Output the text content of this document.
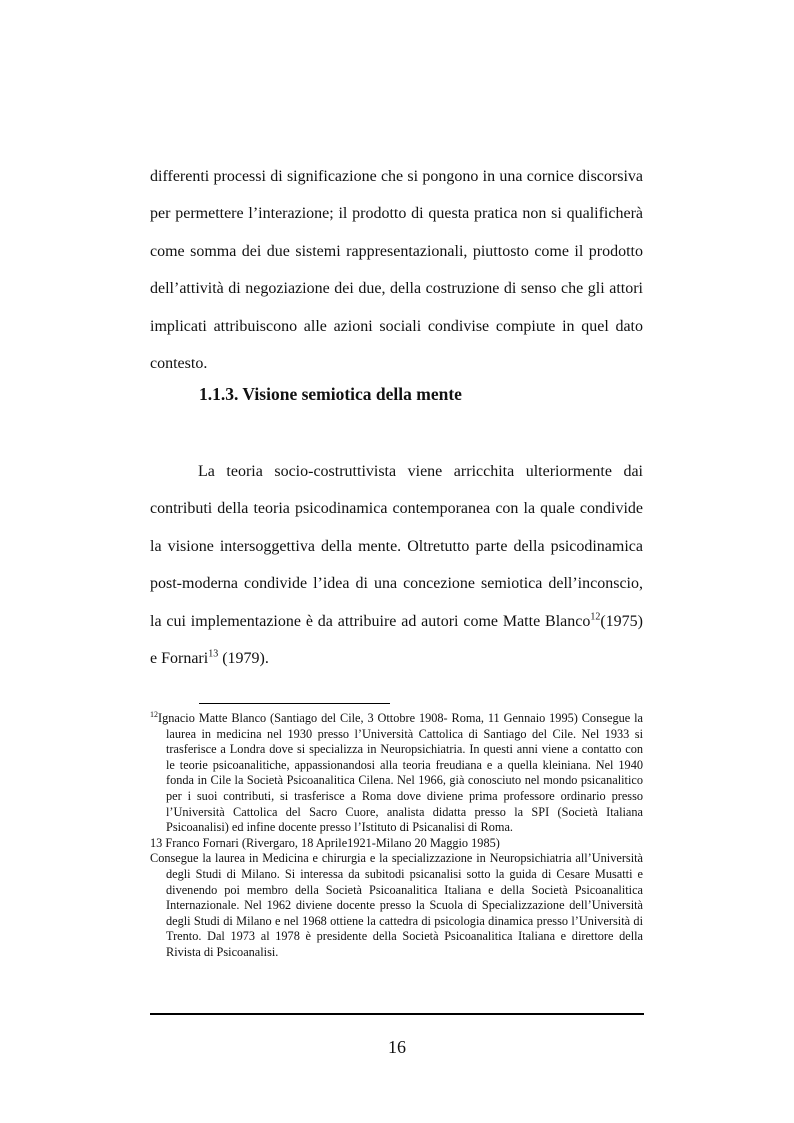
differenti processi di significazione che si pongono in una cornice discorsiva per permettere l’interazione; il prodotto di questa pratica non si qualificherà come somma dei due sistemi rappresentazionali, piuttosto come il prodotto dell’attività di negoziazione dei due, della costruzione di senso che gli attori implicati attribuiscono alle azioni sociali condivise compiute in quel dato contesto.

1.1.3. Visione semiotica della mente

La teoria socio-costruttivista viene arricchita ulteriormente dai contributi della teoria psicodinamica contemporanea con la quale condivide la visione intersoggettiva della mente. Oltretutto parte della psicodinamica post-moderna condivide l’idea di una concezione semiotica dell’inconscio, la cui implementazione è da attribuire ad autori come Matte Blanco$^{12}$(1975) e Fornari$^{13}$ (1979).

$^{12}$Ignacio Matte Blanco (Santiago del Cile, 3 Ottobre 1908- Roma, 11 Gennaio 1995) Consegue la laurea in medicina nel 1930 presso l’Università Cattolica di Santiago del Cile. Nel 1933 si trasferisce a Londra dove si specializza in Neuropsichiatria. In questi anni viene a contatto con le teorie psicoanalitiche, appassionandosi alla teoria freudiana e a quella kleiniana. Nel 1940 fonda in Cile la Società Psicoanalitica Cilena. Nel 1966, già conosciuto nel mondo psicanalitico per i suoi contributi, si trasferisce a Roma dove diviene prima professore ordinario presso l’Università Cattolica del Sacro Cuore, analista didatta presso la SPI (Società Italiana Psicoanalisi) ed infine docente presso l’Istituto di Psicanalisi di Roma.

13 Franco Fornari (Rivergaro, 18 Aprile1921-Milano 20 Maggio 1985)

Consegue la laurea in Medicina e chirurgia e la specializzazione in Neuropsichiatria all’Università degli Studi di Milano. Si interessa da subitodi psicanalisi sotto la guida di Cesare Musatti e divenendo poi membro della Società Psicoanalitica Italiana e della Società Psicoanalitica Internazionale. Nel 1962 diviene docente presso la Scuola di Specializzazione dell’Università degli Studi di Milano e nel 1968 ottiene la cattedra di psicologia dinamica presso l’Università di Trento. Dal 1973 al 1978 è presidente della Società Psicoanalitica Italiana e direttore della Rivista di Psicoanalisi.

16
